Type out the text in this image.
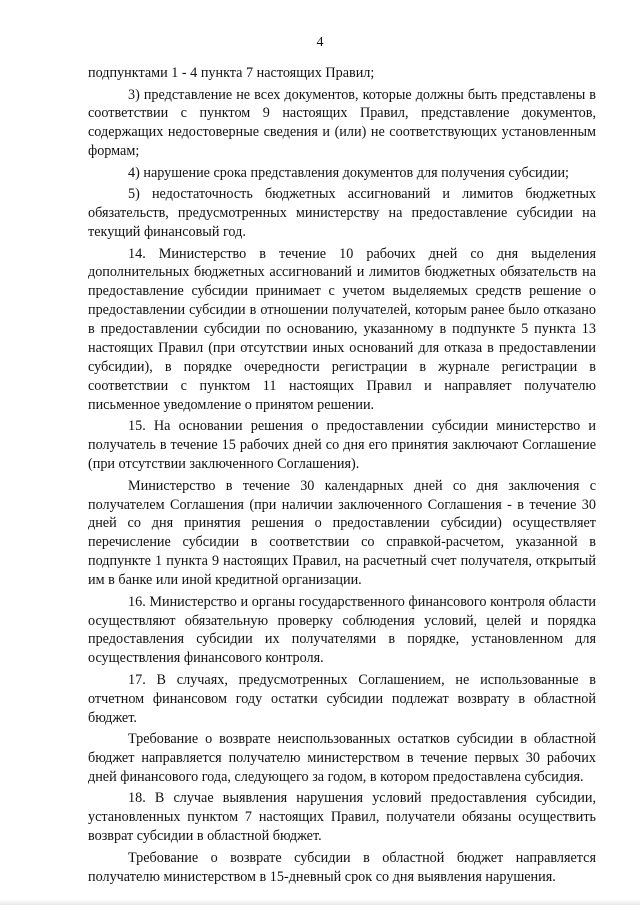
4

подпунктами 1 - 4 пункта 7 настоящих Правил;

3) представление не всех документов, которые должны быть представлены в соответствии с пунктом 9 настоящих Правил, представление документов, содержащих недостоверные сведения и (или) не соответствующих установленным формам;

4) нарушение срока представления документов для получения субсидии;

5) недостаточность бюджетных ассигнований и лимитов бюджетных обязательств, предусмотренных министерству на предоставление субсидии на текущий финансовый год.

14. Министерство в течение 10 рабочих дней со дня выделения дополнительных бюджетных ассигнований и лимитов бюджетных обязательств на предоставление субсидии принимает с учетом выделяемых средств решение о предоставлении субсидии в отношении получателей, которым ранее было отказано в предоставлении субсидии по основанию, указанному в подпункте 5 пункта 13 настоящих Правил (при отсутствии иных оснований для отказа в предоставлении субсидии), в порядке очередности регистрации в журнале регистрации в соответствии с пунктом 11 настоящих Правил и направляет получателю письменное уведомление о принятом решении.

15. На основании решения о предоставлении субсидии министерство и получатель в течение 15 рабочих дней со дня его принятия заключают Соглашение (при отсутствии заключенного Соглашения).

Министерство в течение 30 календарных дней со дня заключения с получателем Соглашения (при наличии заключенного Соглашения - в течение 30 дней со дня принятия решения о предоставлении субсидии) осуществляет перечисление субсидии в соответствии со справкой-расчетом, указанной в подпункте 1 пункта 9 настоящих Правил, на расчетный счет получателя, открытый им в банке или иной кредитной организации.

16. Министерство и органы государственного финансового контроля области осуществляют обязательную проверку соблюдения условий, целей и порядка предоставления субсидии их получателями в порядке, установленном для осуществления финансового контроля.

17. В случаях, предусмотренных Соглашением, не использованные в отчетном финансовом году остатки субсидии подлежат возврату в областной бюджет.

Требование о возврате неиспользованных остатков субсидии в областной бюджет направляется получателю министерством в течение первых 30 рабочих дней финансового года, следующего за годом, в котором предоставлена субсидия.

18. В случае выявления нарушения условий предоставления субсидии, установленных пунктом 7 настоящих Правил, получатели обязаны осуществить возврат субсидии в областной бюджет.

Требование о возврате субсидии в областной бюджет направляется получателю министерством в 15-дневный срок со дня выявления нарушения.
